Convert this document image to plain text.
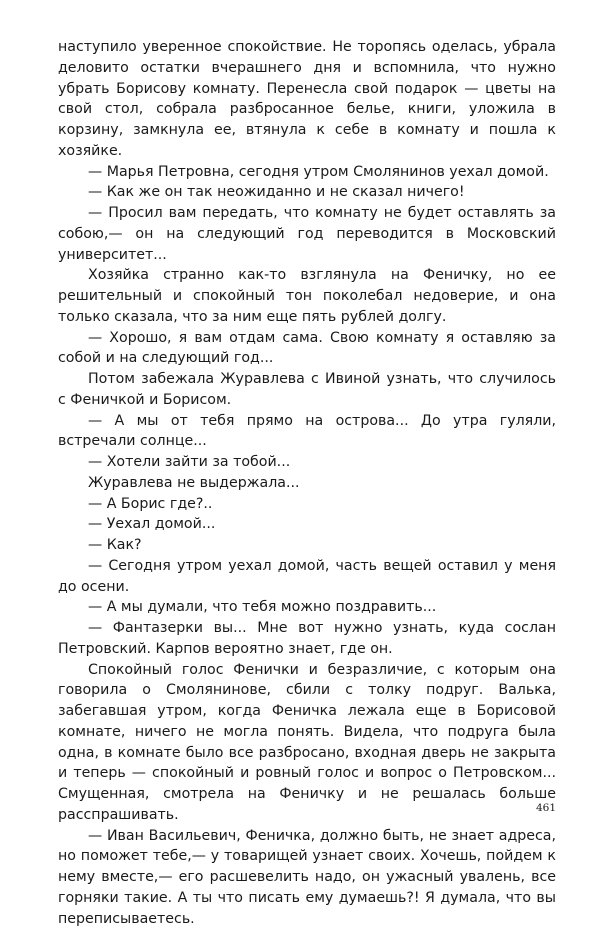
наступило уверенное спокойствие. Не торопясь оделась, убрала деловито остатки вчерашнего дня и вспомнила, что нужно убрать Борисову комнату. Перенесла свой подарок — цветы на свой стол, собрала разбросанное белье, книги, уложила в корзину, замкнула ее, втянула к себе в комнату и пошла к хозяйке.

— Марья Петровна, сегодня утром Смолянинов уехал домой.

— Как же он так неожиданно и не сказал ничего!

— Просил вам передать, что комнату не будет оставлять за собою,— он на следующий год переводится в Московский университет...

Хозяйка странно как-то взглянула на Феничку, но ее решительный и спокойный тон поколебал недоверие, и она только сказала, что за ним еще пять рублей долгу.

— Хорошо, я вам отдам сама. Свою комнату я оставляю за собой и на следующий год...

Потом забежала Журавлева с Ивиной узнать, что случилось с Феничкой и Борисом.

— А мы от тебя прямо на острова... До утра гуляли, встречали солнце...

— Хотели зайти за тобой...

Журавлева не выдержала...

— А Борис где?..

— Уехал домой...

— Как?

— Сегодня утром уехал домой, часть вещей оставил у меня до осени.

— А мы думали, что тебя можно поздравить...

— Фантазерки вы... Мне вот нужно узнать, куда сослан Петровский. Карпов вероятно знает, где он.

Спокойный голос Фенички и безразличие, с которым она говорила о Смолянинове, сбили с толку подруг. Валька, забегавшая утром, когда Феничка лежала еще в Борисовой комнате, ничего не могла понять. Видела, что подруга была одна, в комнате было все разбросано, входная дверь не закрыта и теперь — спокойный и ровный голос и вопрос о Петровском... Смущенная, смотрела на Феничку и не решалась больше расспрашивать.

— Иван Васильевич, Феничка, должно быть, не знает адреса, но поможет тебе,— у товарищей узнает своих. Хочешь, пойдем к нему вместе,— его расшевелить надо, он ужасный увалень, все горняки такие. А ты что писать ему думаешь?! Я думала, что вы переписываетесь.

461
